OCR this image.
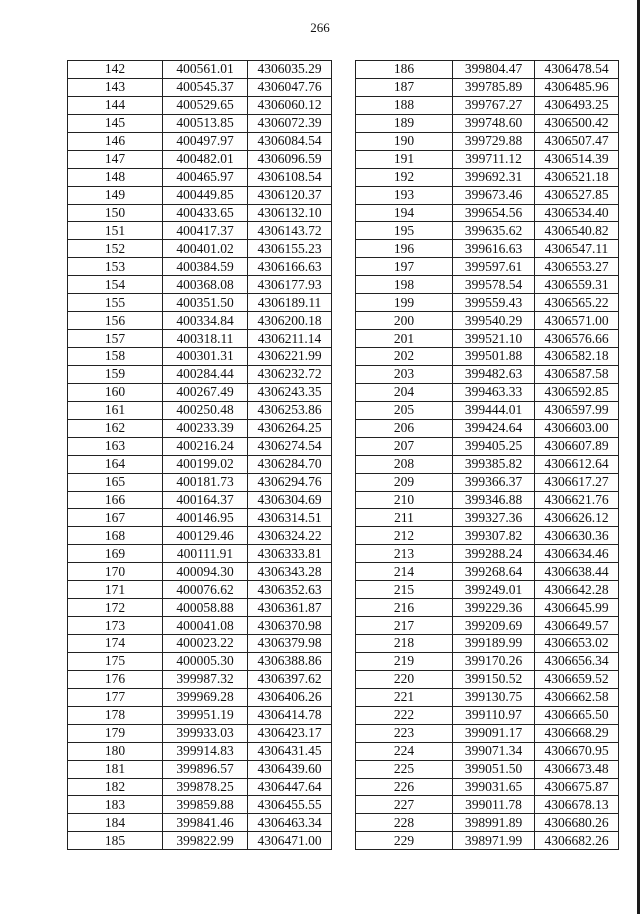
266
142	400561.01	4306035.29
143	400545.37	4306047.76
144	400529.65	4306060.12
145	400513.85	4306072.39
146	400497.97	4306084.54
147	400482.01	4306096.59
148	400465.97	4306108.54
149	400449.85	4306120.37
150	400433.65	4306132.10
151	400417.37	4306143.72
152	400401.02	4306155.23
153	400384.59	4306166.63
154	400368.08	4306177.93
155	400351.50	4306189.11
156	400334.84	4306200.18
157	400318.11	4306211.14
158	400301.31	4306221.99
159	400284.44	4306232.72
160	400267.49	4306243.35
161	400250.48	4306253.86
162	400233.39	4306264.25
163	400216.24	4306274.54
164	400199.02	4306284.70
165	400181.73	4306294.76
166	400164.37	4306304.69
167	400146.95	4306314.51
168	400129.46	4306324.22
169	400111.91	4306333.81
170	400094.30	4306343.28
171	400076.62	4306352.63
172	400058.88	4306361.87
173	400041.08	4306370.98
174	400023.22	4306379.98
175	400005.30	4306388.86
176	399987.32	4306397.62
177	399969.28	4306406.26
178	399951.19	4306414.78
179	399933.03	4306423.17
180	399914.83	4306431.45
181	399896.57	4306439.60
182	399878.25	4306447.64
183	399859.88	4306455.55
184	399841.46	4306463.34
185	399822.99	4306471.00
186	399804.47	4306478.54
187	399785.89	4306485.96
188	399767.27	4306493.25
189	399748.60	4306500.42
190	399729.88	4306507.47
191	399711.12	4306514.39
192	399692.31	4306521.18
193	399673.46	4306527.85
194	399654.56	4306534.40
195	399635.62	4306540.82
196	399616.63	4306547.11
197	399597.61	4306553.27
198	399578.54	4306559.31
199	399559.43	4306565.22
200	399540.29	4306571.00
201	399521.10	4306576.66
202	399501.88	4306582.18
203	399482.63	4306587.58
204	399463.33	4306592.85
205	399444.01	4306597.99
206	399424.64	4306603.00
207	399405.25	4306607.89
208	399385.82	4306612.64
209	399366.37	4306617.27
210	399346.88	4306621.76
211	399327.36	4306626.12
212	399307.82	4306630.36
213	399288.24	4306634.46
214	399268.64	4306638.44
215	399249.01	4306642.28
216	399229.36	4306645.99
217	399209.69	4306649.57
218	399189.99	4306653.02
219	399170.26	4306656.34
220	399150.52	4306659.52
221	399130.75	4306662.58
222	399110.97	4306665.50
223	399091.17	4306668.29
224	399071.34	4306670.95
225	399051.50	4306673.48
226	399031.65	4306675.87
227	399011.78	4306678.13
228	398991.89	4306680.26
229	398971.99	4306682.26
